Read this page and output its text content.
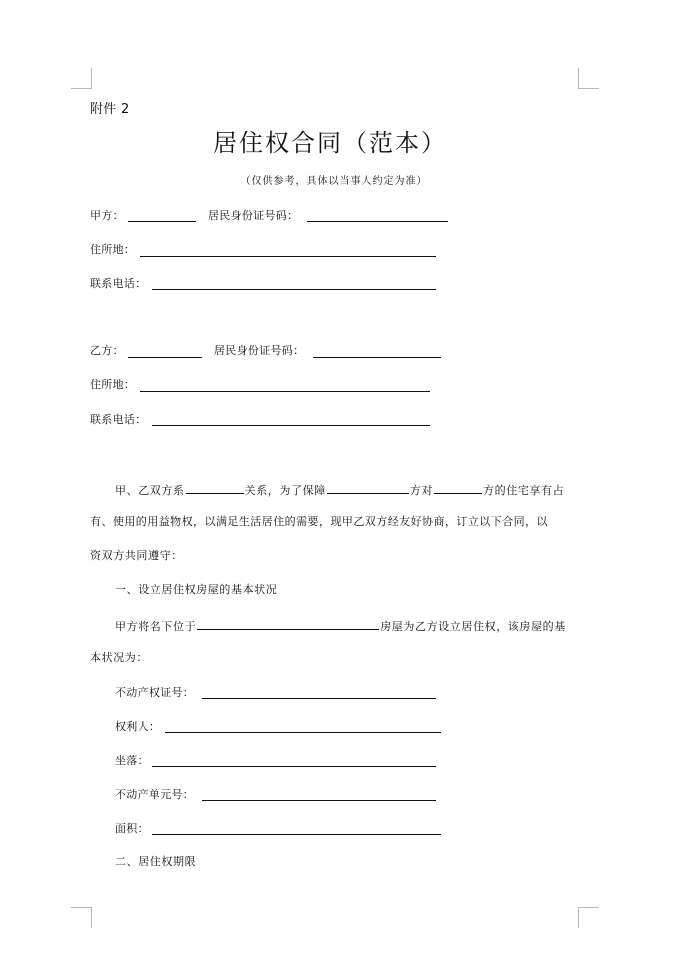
附件 2
居住权合同（范本）
（仅供参考，具体以当事人约定为准）
甲方：	居民身份证号码：
住所地：
联系电话：
乙方：	居民身份证号码：
住所地：
联系电话：
甲、乙双方系	关系，为了保障	方对	方的住宅享有占
有、使用的用益物权，以满足生活居住的需要，现甲乙双方经友好协商，订立以下合同，以
资双方共同遵守：
一、设立居住权房屋的基本状况
甲方将名下位于	房屋为乙方设立居住权，该房屋的基
本状况为：
不动产权证号：
权利人：
坐落：
不动产单元号：
面积：
二、居住权期限
